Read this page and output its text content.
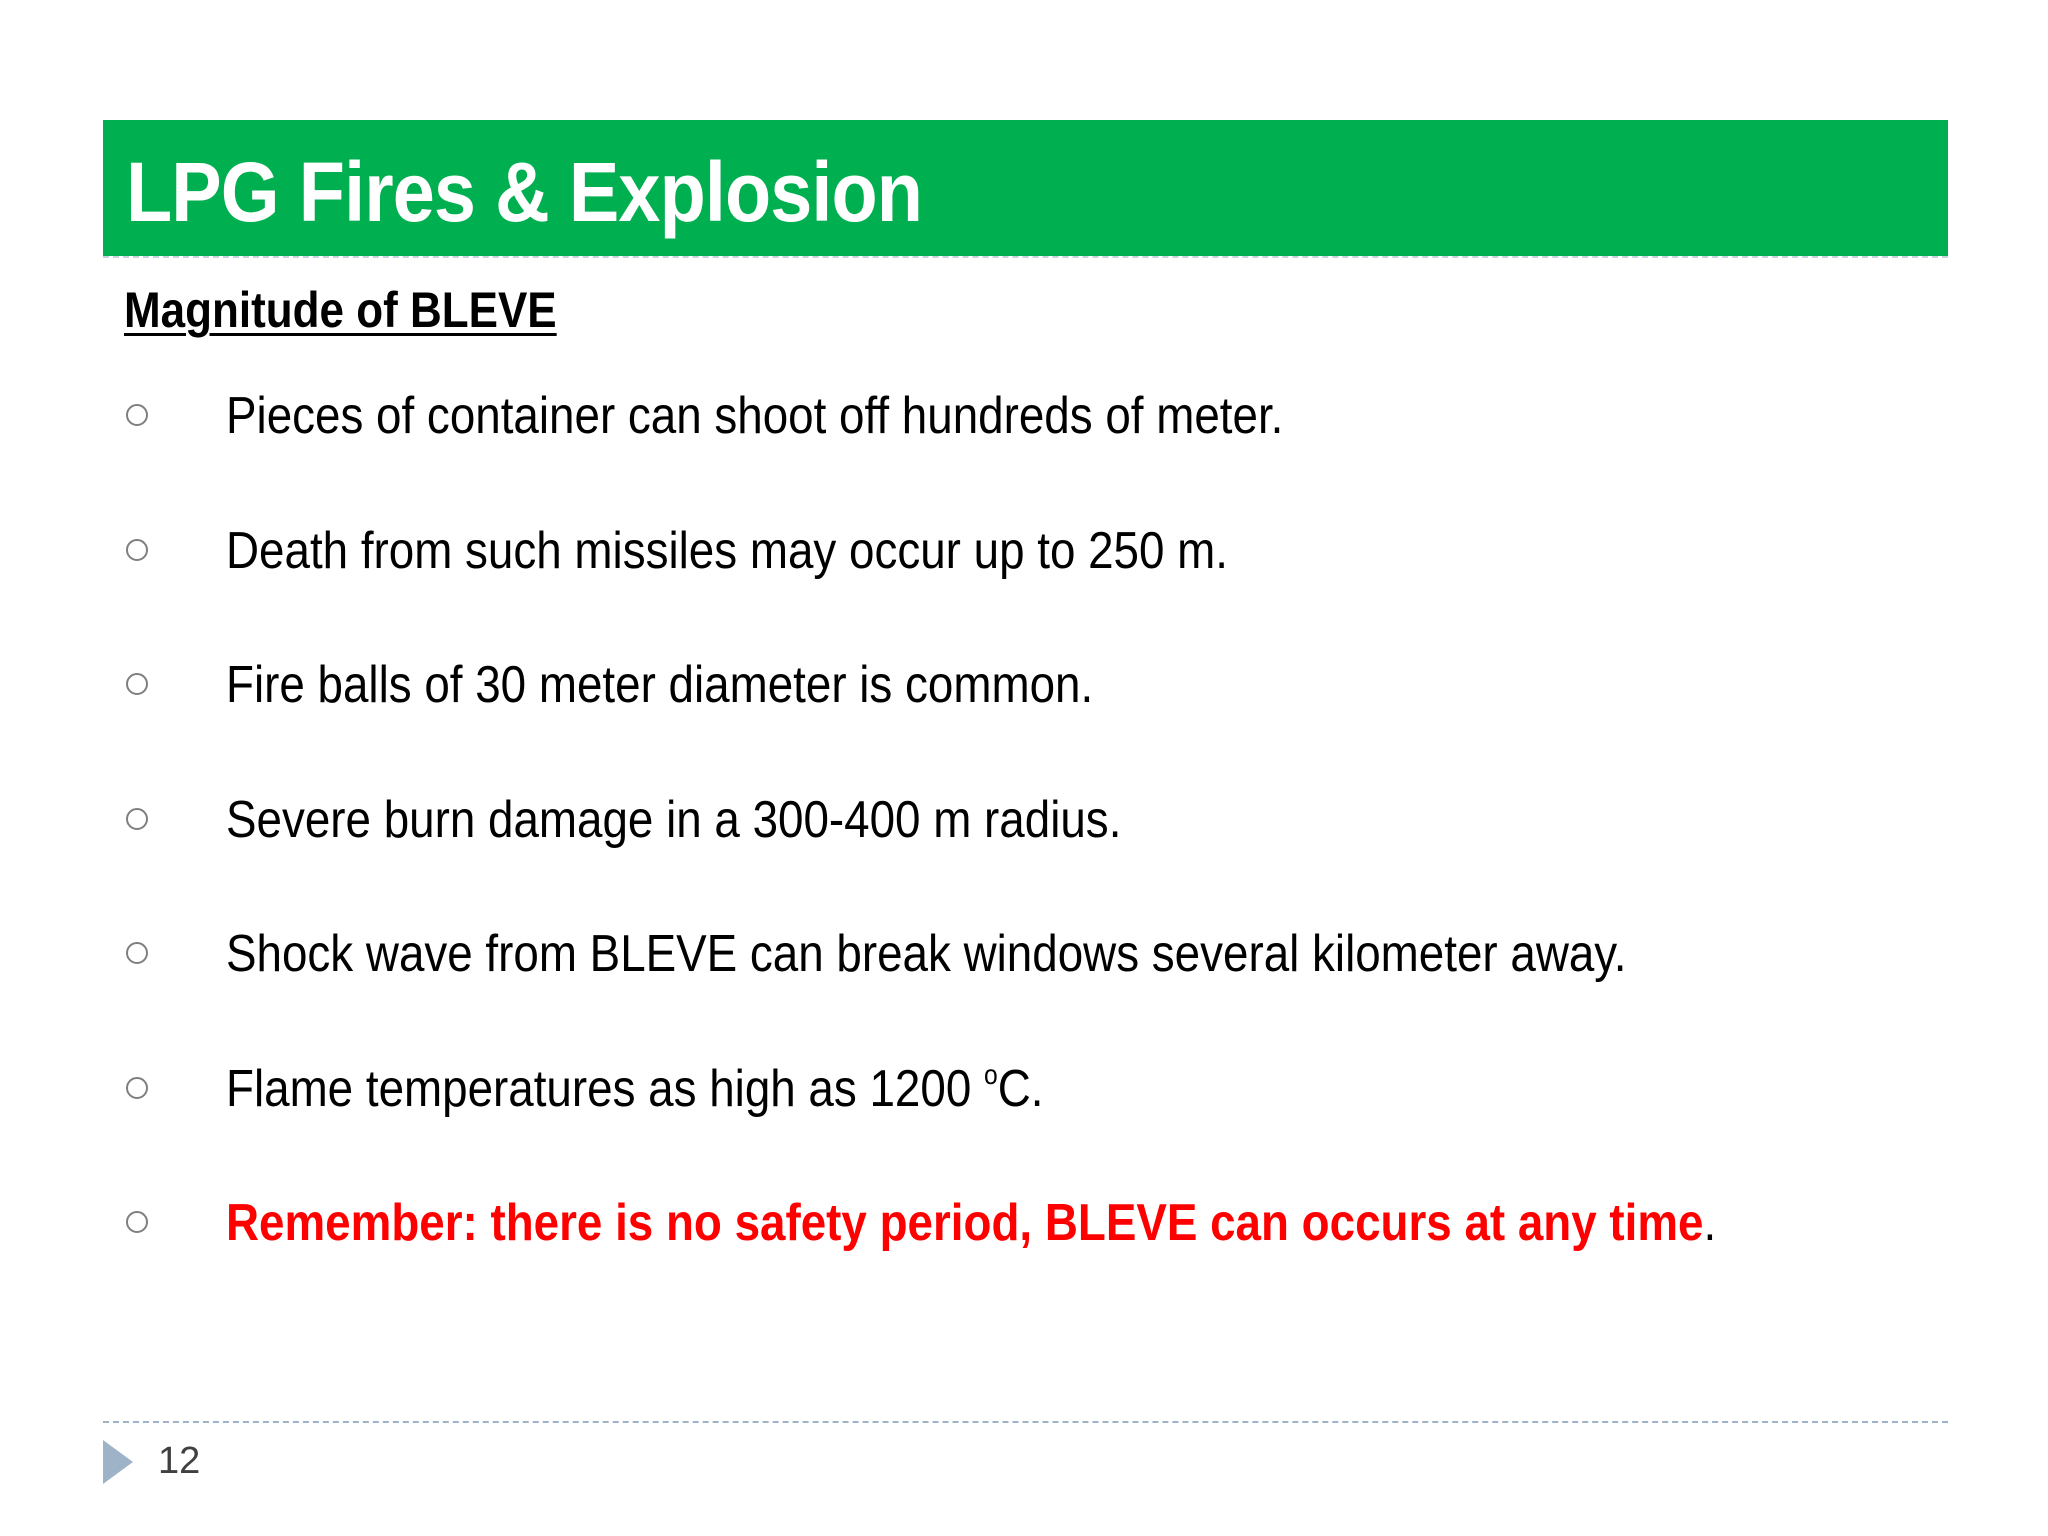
LPG Fires & Explosion
Magnitude of BLEVE
Pieces of container can shoot off hundreds of meter.
Death from such missiles may occur up to 250 m.
Fire balls of 30 meter diameter is common.
Severe burn damage in a 300-400 m radius.
Shock wave from BLEVE can break windows several kilometer away.
Flame temperatures as high as 1200 $^o$C.
Remember: there is no safety period, BLEVE can occurs at any time.
12
